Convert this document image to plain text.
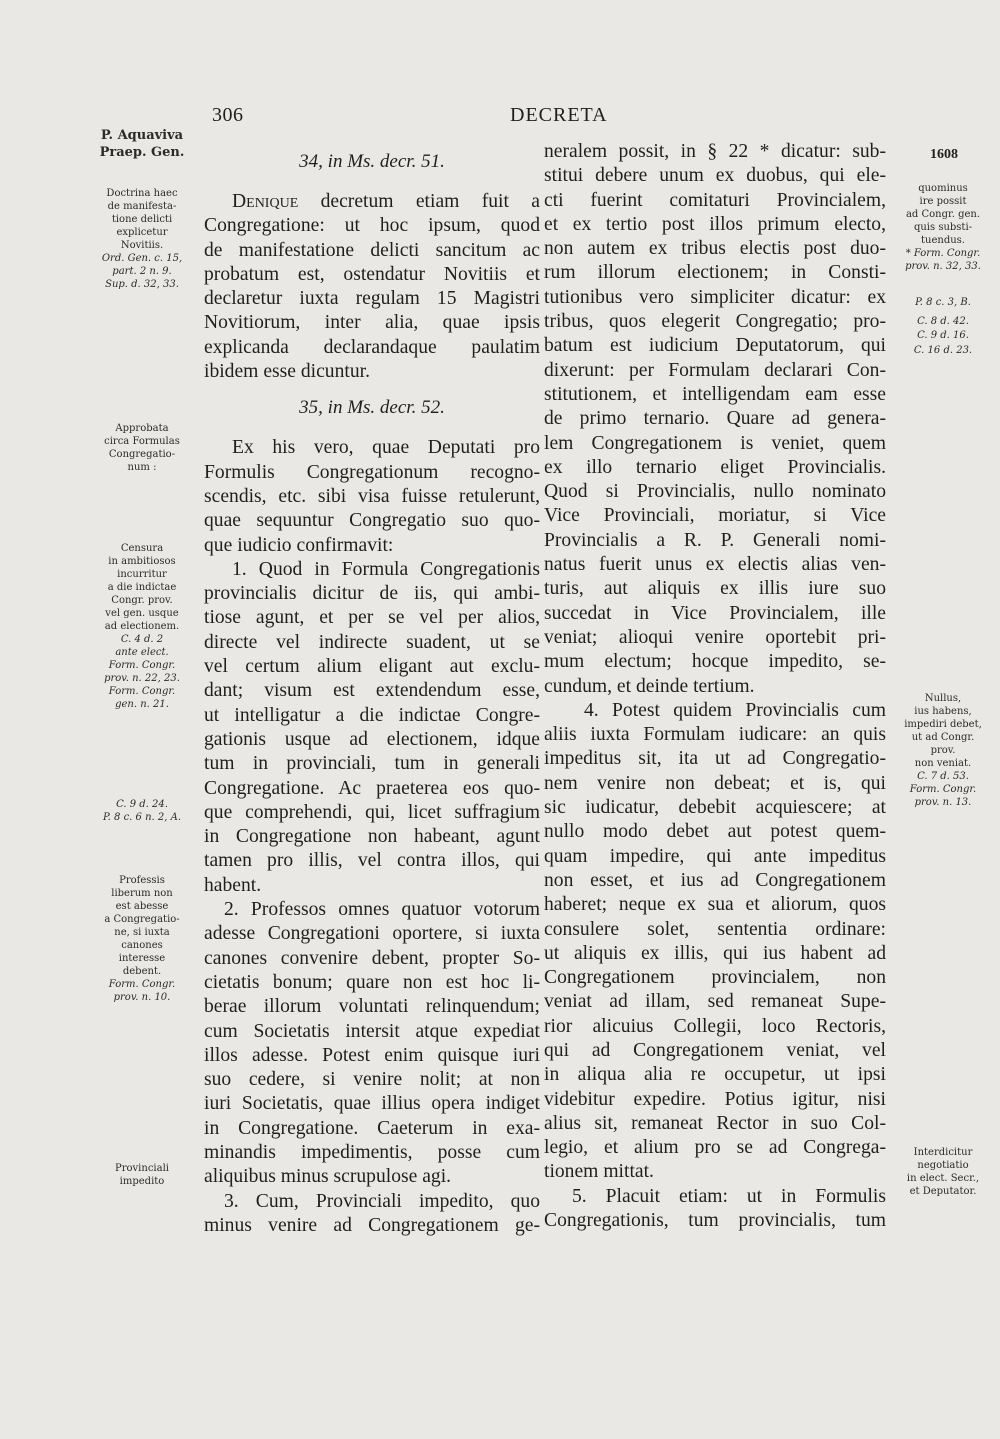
306	DECRETA
1608
P. Aquaviva
Praep. Gen.
Doctrina haec
de manifesta-
tione delicti
explicetur
Novitiis.
Ord. Gen. c. 15,
part. 2 n. 9.
Sup. d. 32, 33.
Approbata
circa Formulas
Congregatio-
num :
Censura
in ambitiosos
incurritur
a die indictae
Congr. prov.
vel gen. usque
ad electionem.
C. 4 d. 2
ante elect.
Form. Congr.
prov. n. 22, 23.
Form. Congr.
gen. n. 21.
C. 9 d. 24.
P. 8 c. 6 n. 2, A.
Professis
liberum non
est abesse
a Congregatio-
ne, si iuxta
canones
interesse
debent.
Form. Congr.
prov. n. 10.
Provinciali
impedito
quominus
ire possit
ad Congr. gen.
quis substi-
tuendus.
* Form. Congr.
prov. n. 32, 33.
P. 8 c. 3, B.
C. 8 d. 42.
C. 9 d. 16.
C. 16 d. 23.
Nullus,
ius habens,
impediri debet,
ut ad Congr.
prov.
non veniat.
C. 7 d. 53.
Form. Congr.
prov. n. 13.
Interdicitur
negotiatio
in elect. Secr.,
et Deputator.
34, in Ms. decr. 51.
Denique decretum etiam fuit a
Congregatione: ut hoc ipsum, quod
de manifestatione delicti sancitum ac
probatum est, ostendatur Novitiis et
declaretur iuxta regulam 15 Magistri
Novitiorum, inter alia, quae ipsis
explicanda declarandaque paulatim
ibidem esse dicuntur.
35, in Ms. decr. 52.
Ex his vero, quae Deputati pro
Formulis Congregationum recogno-
scendis, etc. sibi visa fuisse retulerunt,
quae sequuntur Congregatio suo quo-
que iudicio confirmavit:
1. Quod in Formula Congregationis
provincialis dicitur de iis, qui ambi-
tiose agunt, et per se vel per alios,
directe vel indirecte suadent, ut se
vel certum alium eligant aut exclu-
dant; visum est extendendum esse,
ut intelligatur a die indictae Congre-
gationis usque ad electionem, idque
tum in provinciali, tum in generali
Congregatione. Ac praeterea eos quo-
que comprehendi, qui, licet suffragium
in Congregatione non habeant, agunt
tamen pro illis, vel contra illos, qui
habent.
2. Professos omnes quatuor votorum
adesse Congregationi oportere, si iuxta
canones convenire debent, propter So-
cietatis bonum; quare non est hoc li-
berae illorum voluntati relinquendum;
cum Societatis intersit atque expediat
illos adesse. Potest enim quisque iuri
suo cedere, si venire nolit; at non
iuri Societatis, quae illius opera indiget
in Congregatione. Caeterum in exa-
minandis impedimentis, posse cum
aliquibus minus scrupulose agi.
3. Cum, Provinciali impedito, quo
minus venire ad Congregationem ge-
neralem possit, in § 22 * dicatur: sub-
stitui debere unum ex duobus, qui ele-
cti fuerint comitaturi Provincialem,
et ex tertio post illos primum electo,
non autem ex tribus electis post duo-
rum illorum electionem; in Consti-
tutionibus vero simpliciter dicatur: ex
tribus, quos elegerit Congregatio; pro-
batum est iudicium Deputatorum, qui
dixerunt: per Formulam declarari Con-
stitutionem, et intelligendam eam esse
de primo ternario. Quare ad genera-
lem Congregationem is veniet, quem
ex illo ternario eliget Provincialis.
Quod si Provincialis, nullo nominato
Vice Provinciali, moriatur, si Vice
Provincialis a R. P. Generali nomi-
natus fuerit unus ex electis alias ven-
turis, aut aliquis ex illis iure suo
succedat in Vice Provincialem, ille
veniat; alioqui venire oportebit pri-
mum electum; hocque impedito, se-
cundum, et deinde tertium.
4. Potest quidem Provincialis cum
aliis iuxta Formulam iudicare: an quis
impeditus sit, ita ut ad Congregatio-
nem venire non debeat; et is, qui
sic iudicatur, debebit acquiescere; at
nullo modo debet aut potest quem-
quam impedire, qui ante impeditus
non esset, et ius ad Congregationem
haberet; neque ex sua et aliorum, quos
consulere solet, sententia ordinare:
ut aliquis ex illis, qui ius habent ad
Congregationem provincialem, non
veniat ad illam, sed remaneat Supe-
rior alicuius Collegii, loco Rectoris,
qui ad Congregationem veniat, vel
in aliqua alia re occupetur, ut ipsi
videbitur expedire. Potius igitur, nisi
alius sit, remaneat Rector in suo Col-
legio, et alium pro se ad Congrega-
tionem mittat.
5. Placuit etiam: ut in Formulis
Congregationis, tum provincialis, tum
